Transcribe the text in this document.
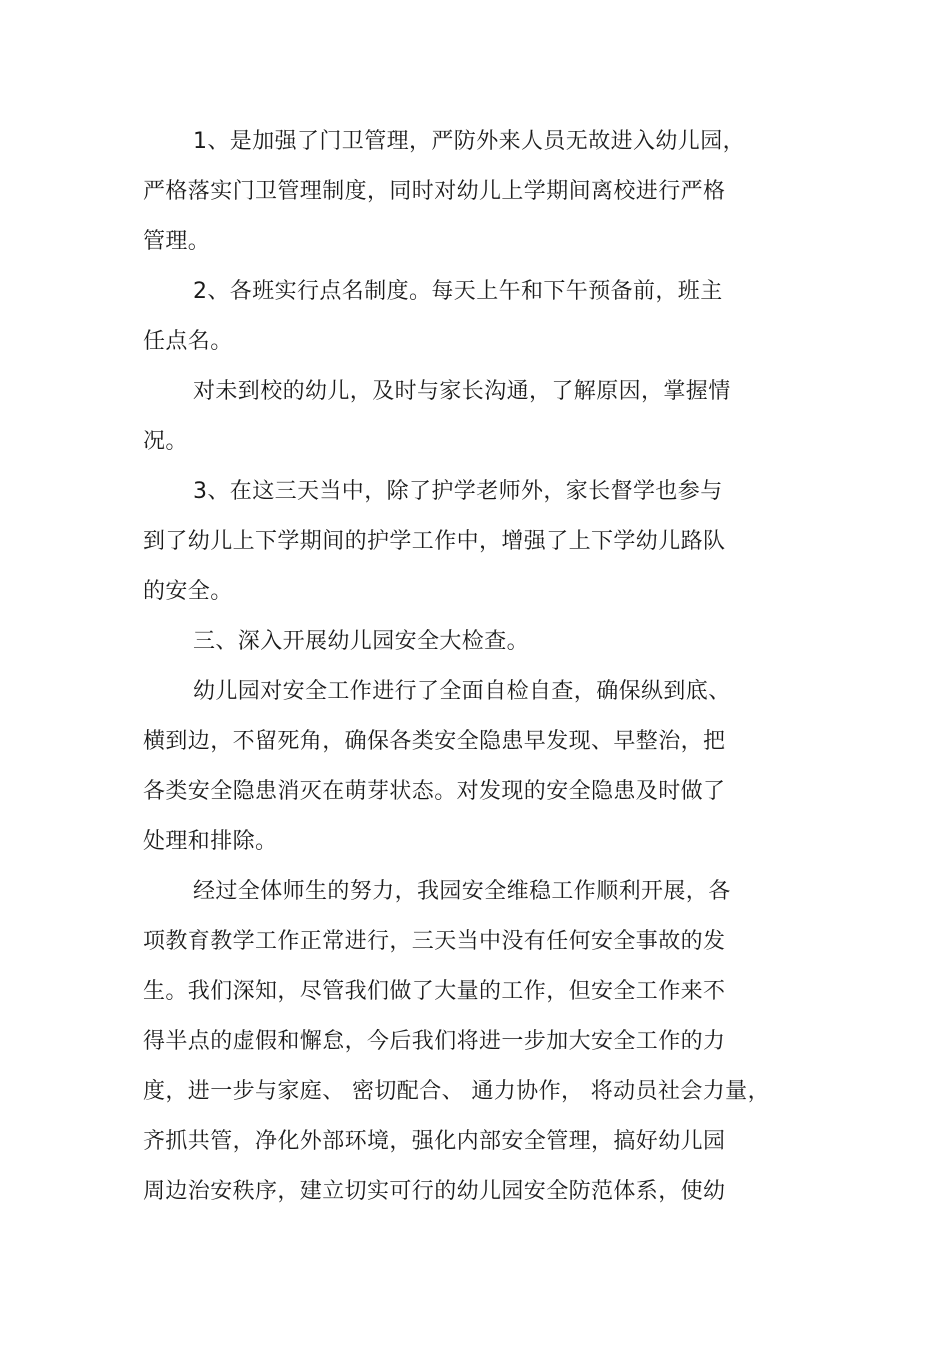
1、是加强了门卫管理，严防外来人员无故进入幼儿园，
严格落实门卫管理制度，同时对幼儿上学期间离校进行严格
管理。
2、各班实行点名制度。每天上午和下午预备前，班主
任点名。
对未到校的幼儿，及时与家长沟通，了解原因，掌握情
况。
3、在这三天当中，除了护学老师外，家长督学也参与
到了幼儿上下学期间的护学工作中，增强了上下学幼儿路队
的安全。
三、深入开展幼儿园安全大检查。
幼儿园对安全工作进行了全面自检自查，确保纵到底、
横到边，不留死角，确保各类安全隐患早发现、早整治，把
各类安全隐患消灭在萌芽状态。对发现的安全隐患及时做了
处理和排除。
经过全体师生的努力，我园安全维稳工作顺利开展，各
项教育教学工作正常进行，三天当中没有任何安全事故的发
生。我们深知，尽管我们做了大量的工作，但安全工作来不
得半点的虚假和懈怠，今后我们将进一步加大安全工作的力
度，进一步与家庭、 密切配合、 通力协作， 将动员社会力量，
齐抓共管，净化外部环境，强化内部安全管理，搞好幼儿园
周边治安秩序，建立切实可行的幼儿园安全防范体系，使幼
